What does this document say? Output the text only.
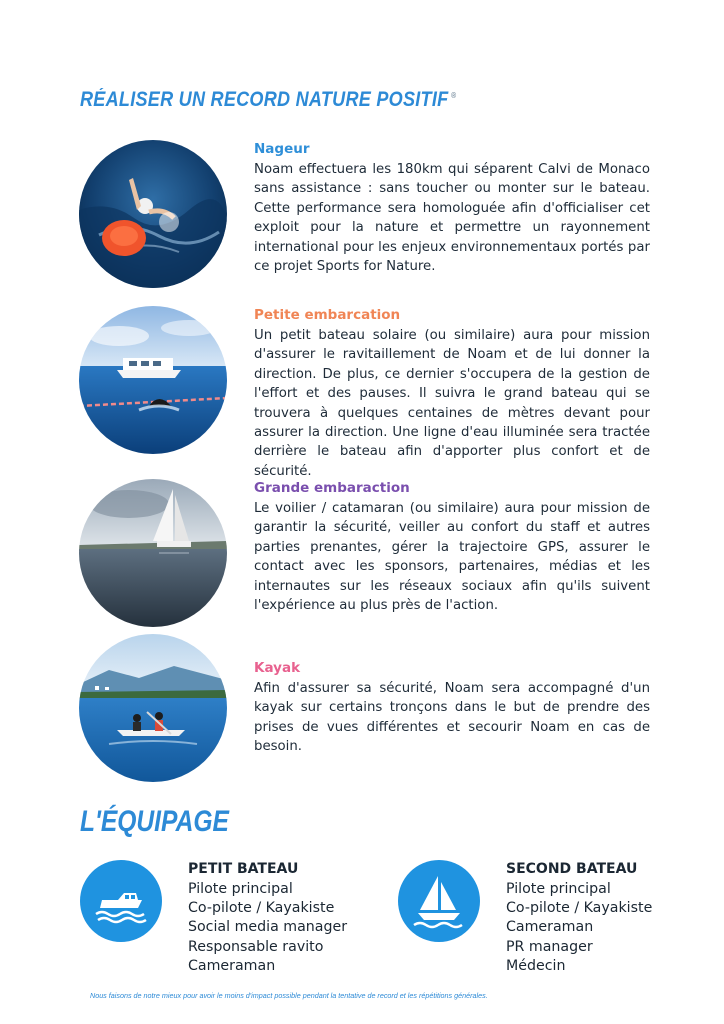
RÉALISER UN RECORD NATURE POSITIF ®

Nageur

Noam effectuera les 180km qui séparent Calvi de Monaco sans assistance : sans toucher ou monter sur le bateau. Cette performance sera homologuée afin d'officialiser cet exploit pour la nature et permettre un rayonnement international pour les enjeux environnementaux portés par ce projet Sports for Nature.

Petite embarcation

Un petit bateau solaire (ou similaire) aura pour mission d'assurer le ravitaillement de Noam et de lui donner la direction. De plus, ce dernier s'occupera de la gestion de l'effort et des pauses. Il suivra le grand bateau qui se trouvera à quelques centaines de mètres devant pour assurer la direction. Une ligne d'eau illuminée sera tractée derrière le bateau afin d'apporter plus confort et de sécurité.

Grande embaraction

Le voilier / catamaran (ou similaire) aura pour mission de garantir la sécurité, veiller au confort du staff et autres parties prenantes, gérer la trajectoire GPS, assurer le contact avec les sponsors, partenaires, médias et les internautes sur les réseaux sociaux afin qu'ils suivent l'expérience au plus près de l'action.

Kayak

Afin d'assurer sa sécurité, Noam sera accompagné d'un kayak sur certains tronçons dans le but de prendre des prises de vues différentes et secourir Noam en cas de besoin.

L'ÉQUIPAGE

PETIT BATEAU

Pilote principal
Co-pilote / Kayakiste
Social media manager
Responsable ravito
Cameraman

SECOND BATEAU

Pilote principal
Co-pilote / Kayakiste
Cameraman
PR manager
Médecin

Nous faisons de notre mieux pour avoir le moins d'impact possible pendant la tentative de record et les répétitions générales.
